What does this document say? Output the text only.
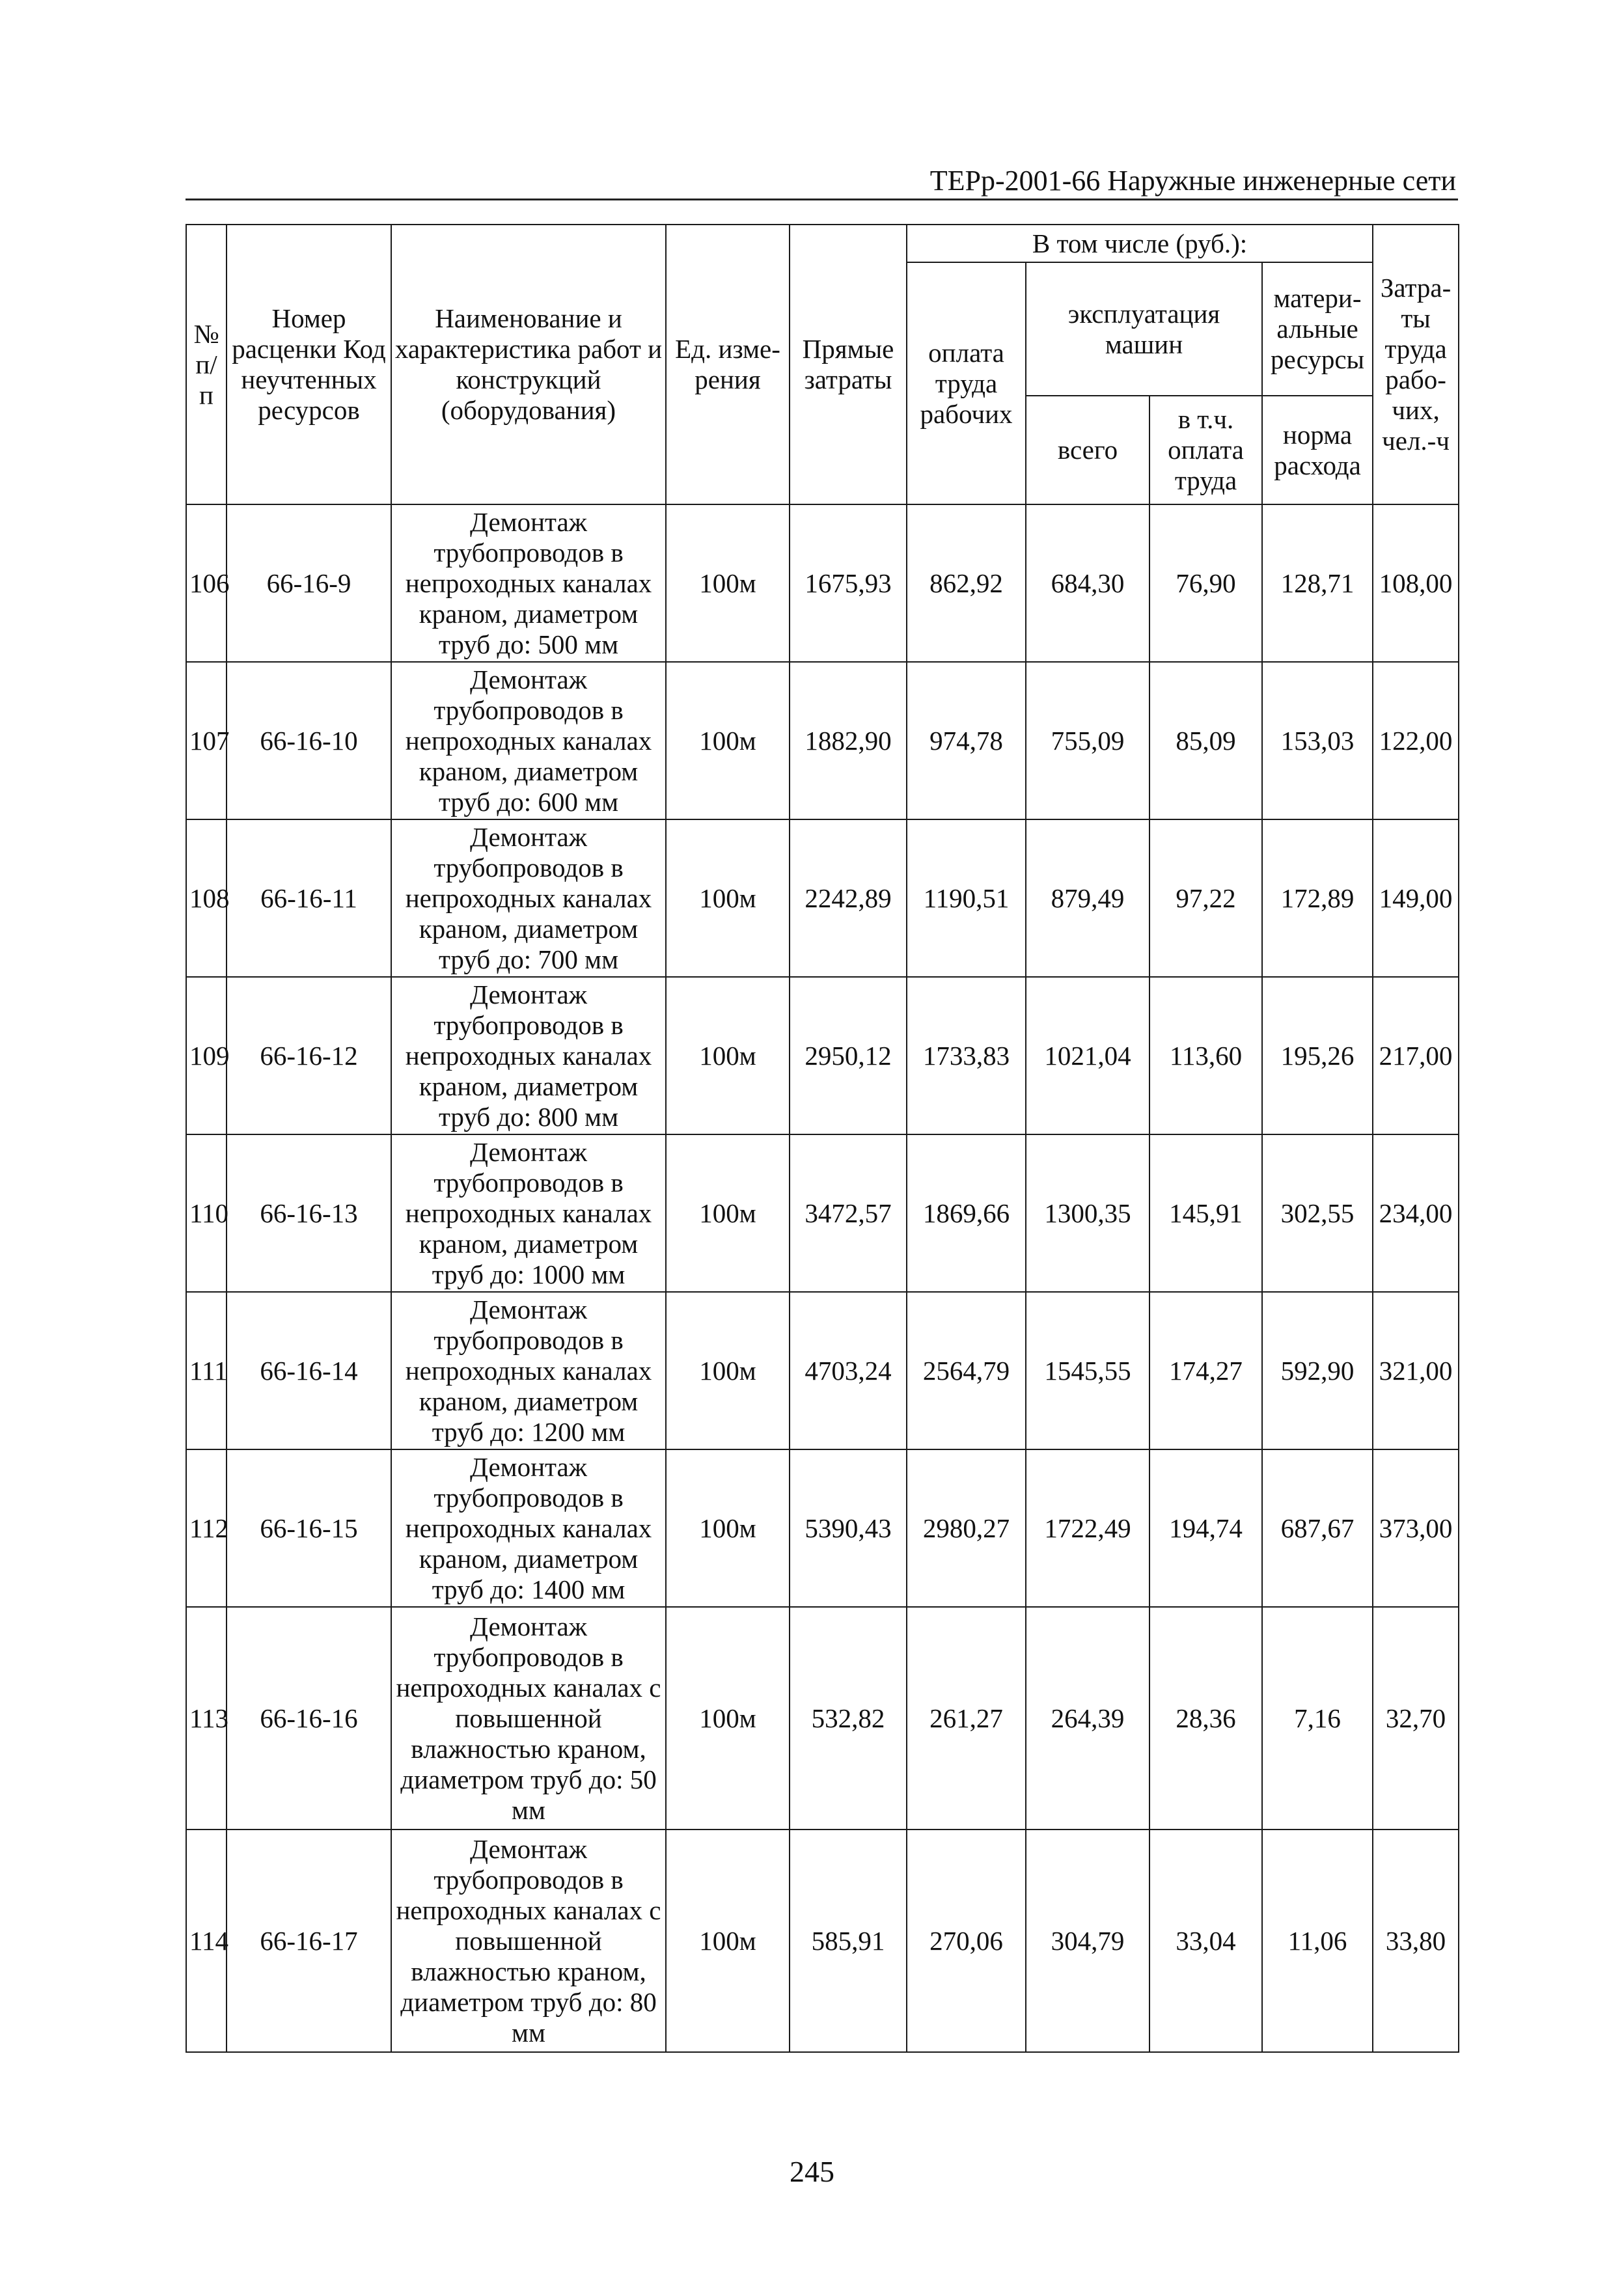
ТЕРр-2001-66 Наружные инженерные сети
№ п/п	Номер расценки Код неучтенных ресурсов	Наименование и характеристика работ и конструкций (оборудования)	Ед. изме-рения	Прямые затраты	В том числе (руб.):				Затра-ты труда рабо-чих, чел.-ч
					оплата труда рабочих	эксплуатация машин		матери-альные ресурсы	
						всего	в т.ч. оплата труда	норма расхода	
106	66-16-9	Демонтаж трубопроводов в непроходных каналах краном, диаметром труб до: 500 мм	100м	1675,93	862,92	684,30	76,90	128,71	108,00
107	66-16-10	Демонтаж трубопроводов в непроходных каналах краном, диаметром труб до: 600 мм	100м	1882,90	974,78	755,09	85,09	153,03	122,00
108	66-16-11	Демонтаж трубопроводов в непроходных каналах краном, диаметром труб до: 700 мм	100м	2242,89	1190,51	879,49	97,22	172,89	149,00
109	66-16-12	Демонтаж трубопроводов в непроходных каналах краном, диаметром труб до: 800 мм	100м	2950,12	1733,83	1021,04	113,60	195,26	217,00
110	66-16-13	Демонтаж трубопроводов в непроходных каналах краном, диаметром труб до: 1000 мм	100м	3472,57	1869,66	1300,35	145,91	302,55	234,00
111	66-16-14	Демонтаж трубопроводов в непроходных каналах краном, диаметром труб до: 1200 мм	100м	4703,24	2564,79	1545,55	174,27	592,90	321,00
112	66-16-15	Демонтаж трубопроводов в непроходных каналах краном, диаметром труб до: 1400 мм	100м	5390,43	2980,27	1722,49	194,74	687,67	373,00
113	66-16-16	Демонтаж трубопроводов в непроходных каналах с повышенной влажностью краном, диаметром труб до: 50 мм	100м	532,82	261,27	264,39	28,36	7,16	32,70
114	66-16-17	Демонтаж трубопроводов в непроходных каналах с повышенной влажностью краном, диаметром труб до: 80 мм	100м	585,91	270,06	304,79	33,04	11,06	33,80
245
